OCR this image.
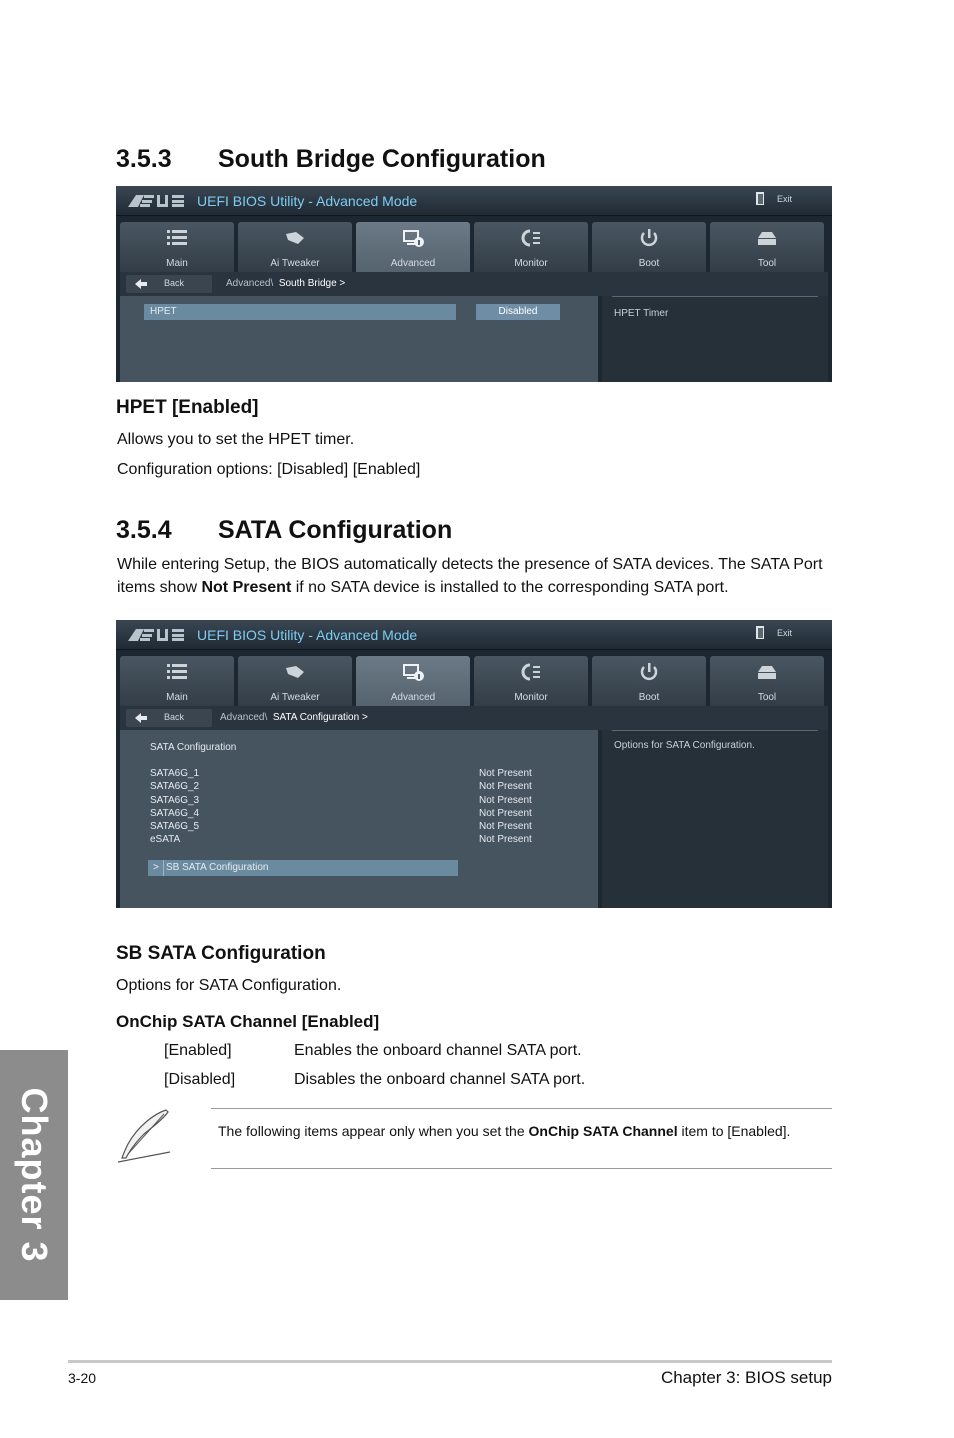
3.5.3 South Bridge Configuration
UEFI BIOS Utility - Advanced Mode	Exit
Main	Ai Tweaker	Advanced	Monitor	Boot	Tool
Back	Advanced\ South Bridge >
HPET	Disabled	HPET Timer
HPET [Enabled]
Allows you to set the HPET timer.
Configuration options: [Disabled] [Enabled]
3.5.4 SATA Configuration
While entering Setup, the BIOS automatically detects the presence of SATA devices. The SATA Port items show Not Present if no SATA device is installed to the corresponding SATA port.
UEFI BIOS Utility - Advanced Mode	Exit
Main	Ai Tweaker	Advanced	Monitor	Boot	Tool
Back	Advanced\ SATA Configuration >
SATA Configuration
SATA6G_1	Not Present
SATA6G_2	Not Present
SATA6G_3	Not Present
SATA6G_4	Not Present
SATA6G_5	Not Present
eSATA	Not Present
> SB SATA Configuration
Options for SATA Configuration.
SB SATA Configuration
Options for SATA Configuration.
OnChip SATA Channel [Enabled]
[Enabled]	Enables the onboard channel SATA port.
[Disabled]	Disables the onboard channel SATA port.
The following items appear only when you set the OnChip SATA Channel item to [Enabled].
Chapter 3
3-20	Chapter 3: BIOS setup
